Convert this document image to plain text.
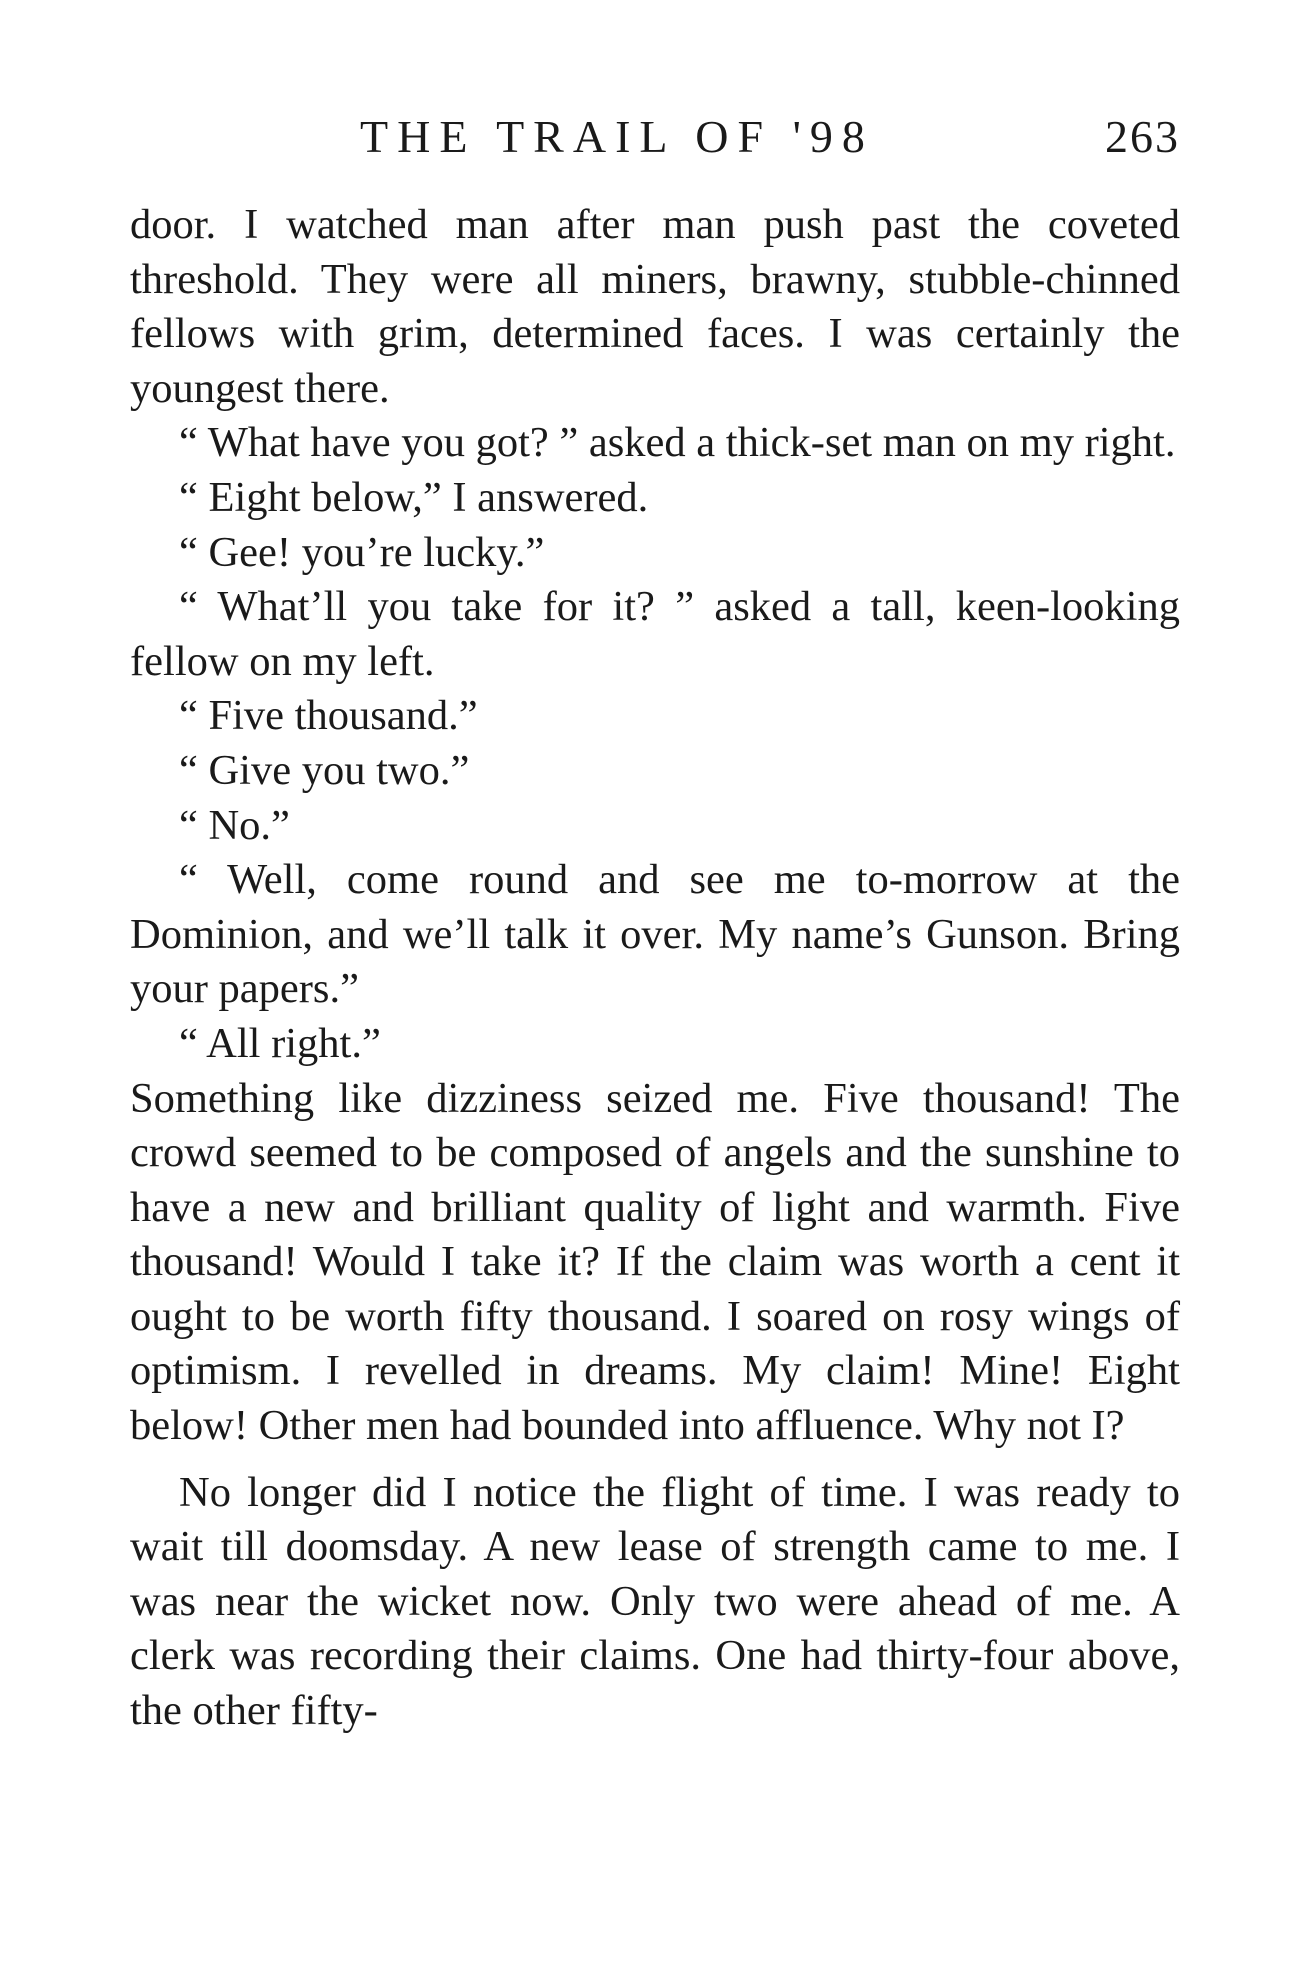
THE TRAIL OF '98	263

door. I watched man after man push past the coveted threshold. They were all miners, brawny, stubble-chinned fellows with grim, determined faces. I was certainly the youngest there.

“ What have you got? ” asked a thick-set man on my right.

“ Eight below,” I answered.

“ Gee! you’re lucky.”

“ What’ll you take for it? ” asked a tall, keen-looking fellow on my left.

“ Five thousand.”

“ Give you two.”

“ No.”

“ Well, come round and see me to-morrow at the Dominion, and we’ll talk it over. My name’s Gunson. Bring your papers.”

“ All right.”

Something like dizziness seized me. Five thousand! The crowd seemed to be composed of angels and the sunshine to have a new and brilliant quality of light and warmth. Five thousand! Would I take it? If the claim was worth a cent it ought to be worth fifty thousand. I soared on rosy wings of optimism. I revelled in dreams. My claim! Mine! Eight below! Other men had bounded into affluence. Why not I?

No longer did I notice the flight of time. I was ready to wait till doomsday. A new lease of strength came to me. I was near the wicket now. Only two were ahead of me. A clerk was recording their claims. One had thirty-four above, the other fifty-
